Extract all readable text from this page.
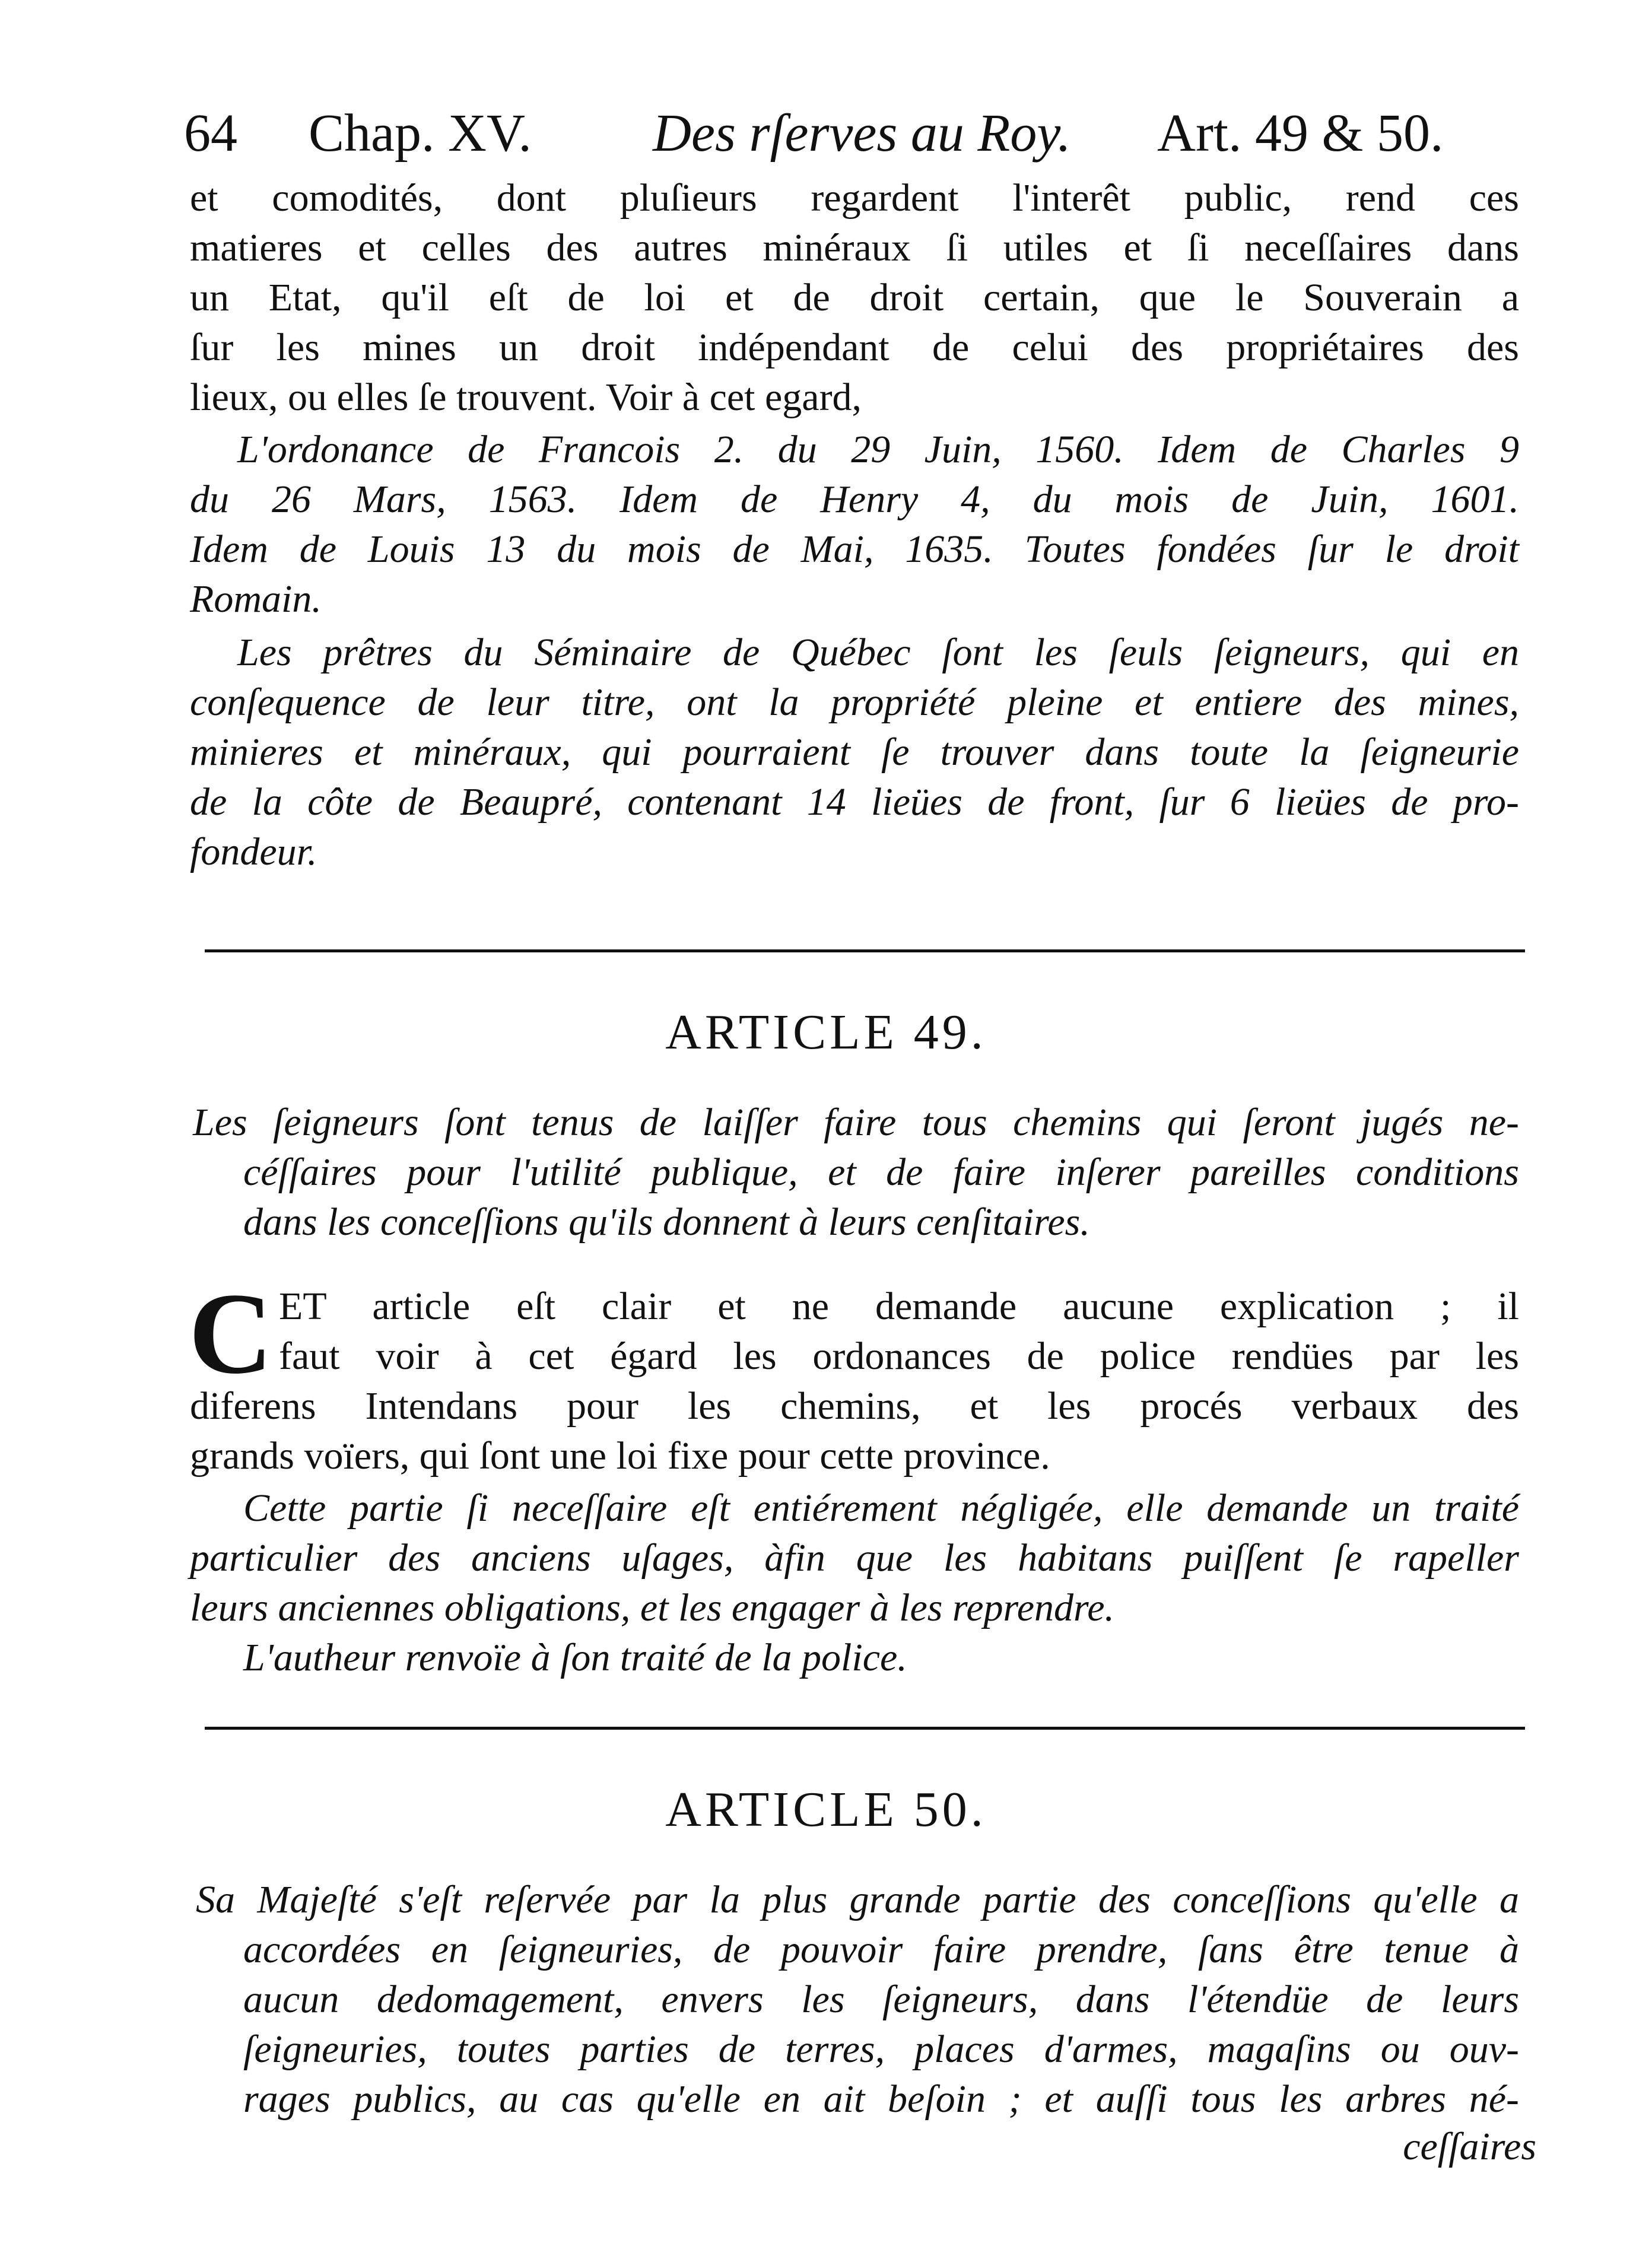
64 Chap. XV. Des rſerves au Roy. Art. 49 & 50.
et comodités, dont pluſieurs regardent l'interêt public, rend ces
matieres et celles des autres minéraux ſi utiles et ſi neceſſaires dans
un Etat, qu'il eſt de loi et de droit certain, que le Souverain a
ſur les mines un droit indépendant de celui des propriétaires des
lieux, ou elles ſe trouvent. Voir à cet egard,
L'ordonance de Francois 2. du 29 Juin, 1560. Idem de Charles 9
du 26 Mars, 1563. Idem de Henry 4, du mois de Juin, 1601.
Idem de Louis 13 du mois de Mai, 1635. Toutes fondées ſur le droit
Romain.
Les prêtres du Séminaire de Québec ſont les ſeuls ſeigneurs, qui en
conſequence de leur titre, ont la propriété pleine et entiere des mines,
minieres et minéraux, qui pourraient ſe trouver dans toute la ſeigneurie
de la côte de Beaupré, contenant 14 lieües de front, ſur 6 lieües de pro-
fondeur.
ARTICLE 49.
Les ſeigneurs ſont tenus de laiſſer faire tous chemins qui ſeront jugés ne-
céſſaires pour l'utilité publique, et de faire inſerer pareilles conditions
dans les conceſſions qu'ils donnent à leurs cenſitaires.
C ET article eſt clair et ne demande aucune explication ; il
faut voir à cet égard les ordonances de police rendües par les
diferens Intendans pour les chemins, et les procés verbaux des
grands voïers, qui ſont une loi fixe pour cette province.
Cette partie ſi neceſſaire eſt entiérement négligée, elle demande un traité
particulier des anciens uſages, àfin que les habitans puiſſent ſe rapeller
leurs anciennes obligations, et les engager à les reprendre.
L'autheur renvoïe à ſon traité de la police.
ARTICLE 50.
Sa Majeſté s'eſt reſervée par la plus grande partie des conceſſions qu'elle a
accordées en ſeigneuries, de pouvoir faire prendre, ſans être tenue à
aucun dedomagement, envers les ſeigneurs, dans l'étendüe de leurs
ſeigneuries, toutes parties de terres, places d'armes, magaſins ou ouv-
rages publics, au cas qu'elle en ait beſoin ; et auſſi tous les arbres né-
ceſſaires
